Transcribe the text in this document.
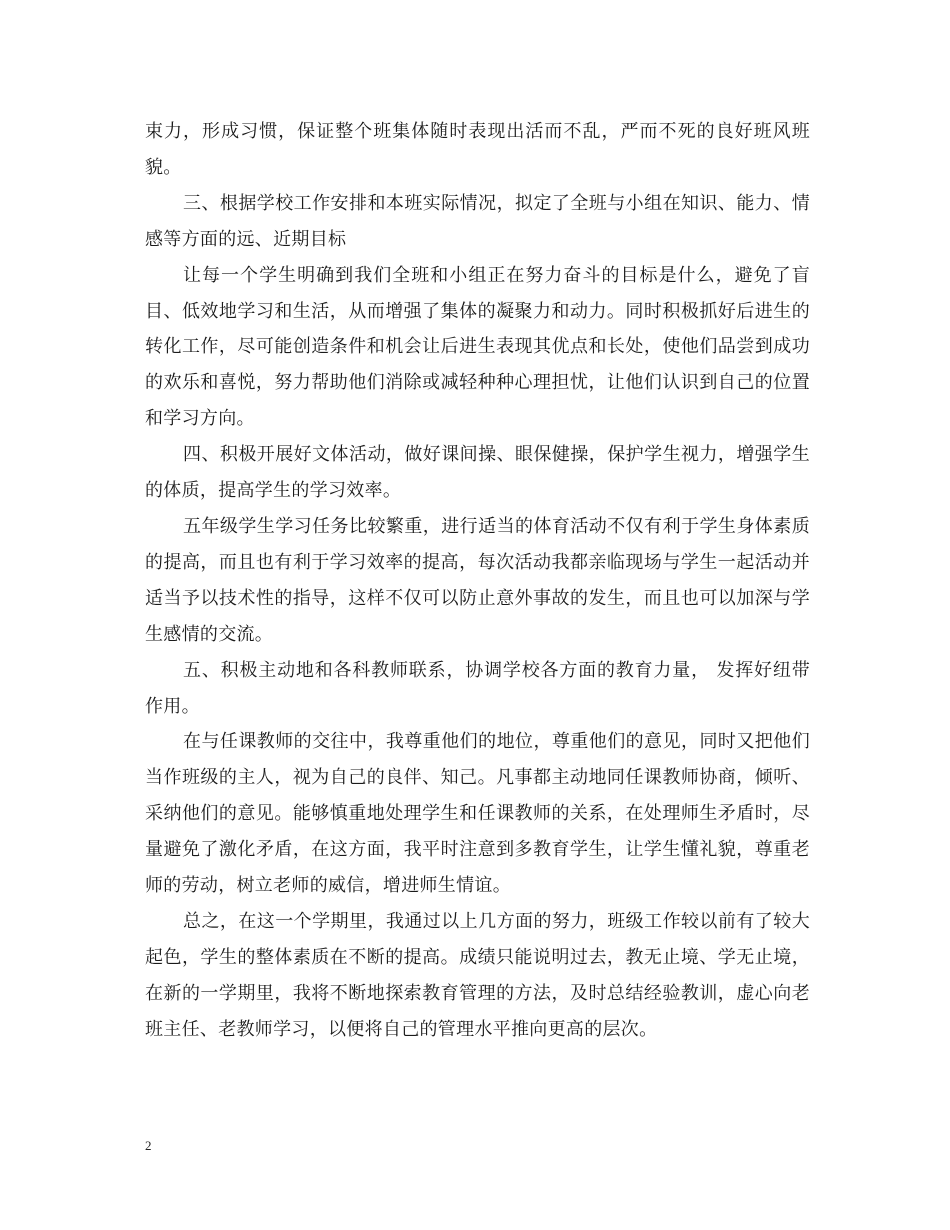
束力，形成习惯，保证整个班集体随时表现出活而不乱，严而不死的良好班风班貌。

三、根据学校工作安排和本班实际情况，拟定了全班与小组在知识、能力、情感等方面的远、近期目标

让每一个学生明确到我们全班和小组正在努力奋斗的目标是什么，避免了盲目、低效地学习和生活，从而增强了集体的凝聚力和动力。同时积极抓好后进生的转化工作，尽可能创造条件和机会让后进生表现其优点和长处，使他们品尝到成功的欢乐和喜悦，努力帮助他们消除或减轻种种心理担忧，让他们认识到自己的位置和学习方向。

四、积极开展好文体活动，做好课间操、眼保健操，保护学生视力，增强学生的体质，提高学生的学习效率。

五年级学生学习任务比较繁重，进行适当的体育活动不仅有利于学生身体素质的提高，而且也有利于学习效率的提高，每次活动我都亲临现场与学生一起活动并适当予以技术性的指导，这样不仅可以防止意外事故的发生，而且也可以加深与学生感情的交流。

五、积极主动地和各科教师联系，协调学校各方面的教育力量， 发挥好纽带作用。

在与任课教师的交往中，我尊重他们的地位，尊重他们的意见，同时又把他们当作班级的主人，视为自己的良伴、知己。凡事都主动地同任课教师协商，倾听、采纳他们的意见。能够慎重地处理学生和任课教师的关系，在处理师生矛盾时，尽量避免了激化矛盾，在这方面，我平时注意到多教育学生，让学生懂礼貌，尊重老师的劳动，树立老师的威信，增进师生情谊。

总之，在这一个学期里，我通过以上几方面的努力，班级工作较以前有了较大起色，学生的整体素质在不断的提高。成绩只能说明过去，教无止境、学无止境，在新的一学期里，我将不断地探索教育管理的方法，及时总结经验教训，虚心向老班主任、老教师学习，以便将自己的管理水平推向更高的层次。

2
